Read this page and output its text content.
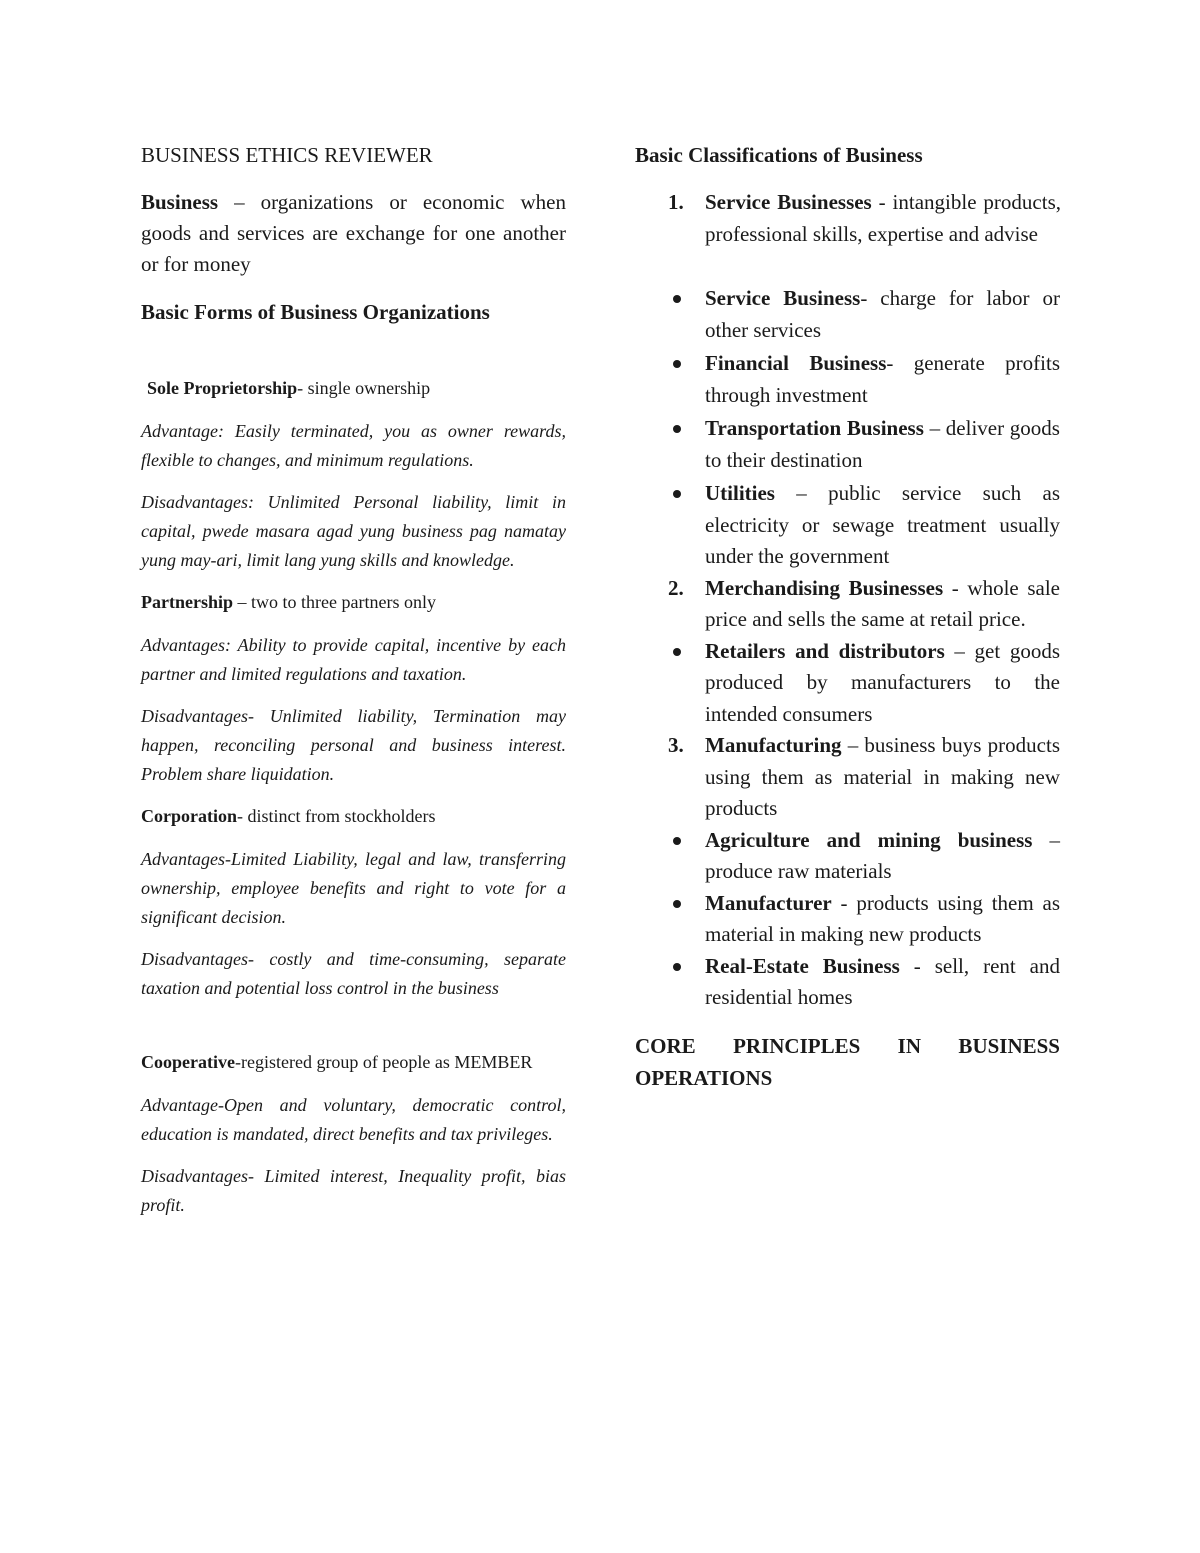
BUSINESS ETHICS REVIEWER

Business – organizations or economic when goods and services are exchange for one another or for money

Basic Forms of Business Organizations

Sole Proprietorship- single ownership

Advantage: Easily terminated, you as owner rewards, flexible to changes, and minimum regulations.

Disadvantages: Unlimited Personal liability, limit in capital, pwede masara agad yung business pag namatay yung may-ari, limit lang yung skills and knowledge.

Partnership – two to three partners only

Advantages: Ability to provide capital, incentive by each partner and limited regulations and taxation.

Disadvantages- Unlimited liability, Termination may happen, reconciling personal and business interest. Problem share liquidation.

Corporation- distinct from stockholders

Advantages-Limited Liability, legal and law, transferring ownership, employee benefits and right to vote for a significant decision.

Disadvantages- costly and time-consuming, separate taxation and potential loss control in the business

Cooperative-registered group of people as MEMBER

Advantage-Open and voluntary, democratic control, education is mandated, direct benefits and tax privileges.

Disadvantages- Limited interest, Inequality profit, bias profit.

Basic Classifications of Business

1. Service Businesses - intangible products, professional skills, expertise and advise
Service Business- charge for labor or other services
Financial Business- generate profits through investment
Transportation Business – deliver goods to their destination
Utilities – public service such as electricity or sewage treatment usually under the government
2. Merchandising Businesses - whole sale price and sells the same at retail price.
Retailers and distributors – get goods produced by manufacturers to the intended consumers
3. Manufacturing – business buys products using them as material in making new products
Agriculture and mining business – produce raw materials
Manufacturer - products using them as material in making new products
Real-Estate Business - sell, rent and residential homes

CORE PRINCIPLES IN BUSINESS OPERATIONS
